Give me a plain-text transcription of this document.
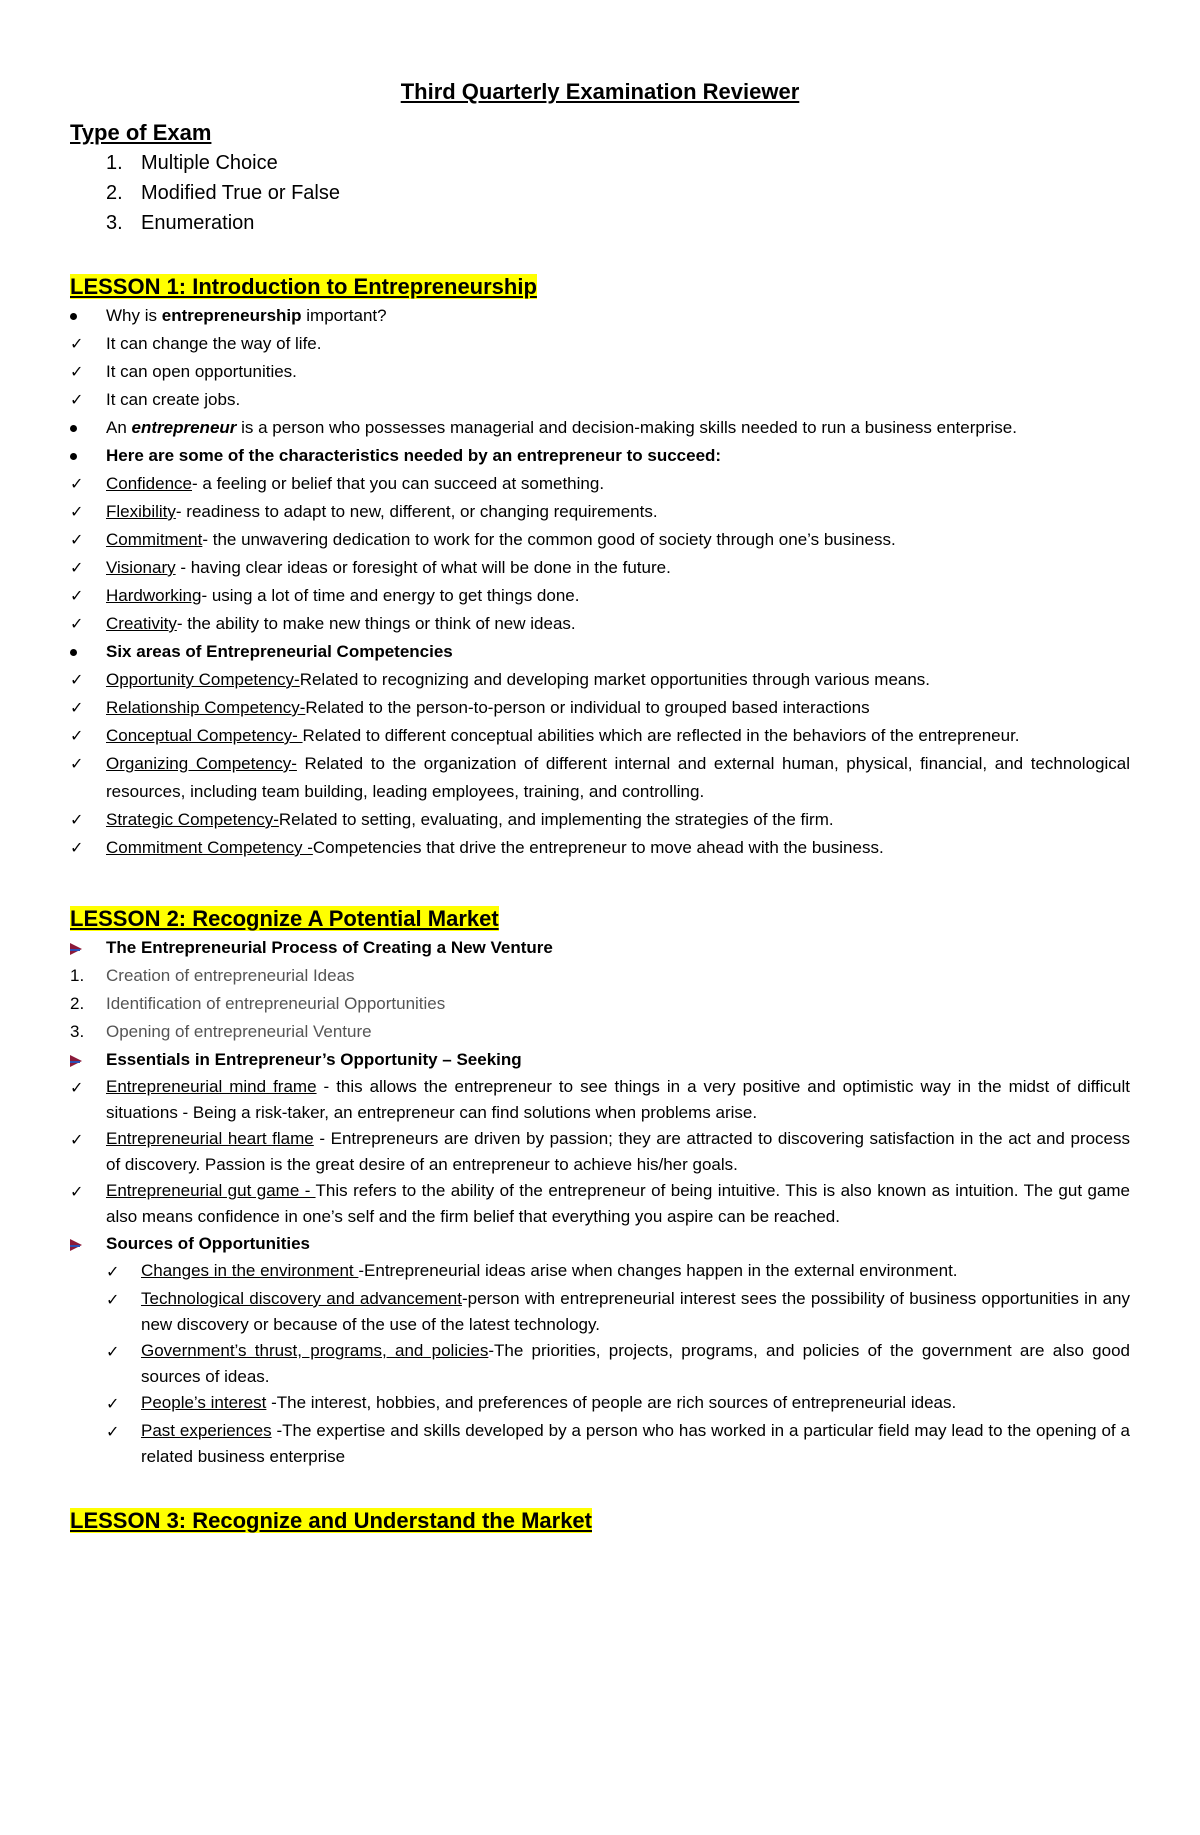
Third Quarterly Examination Reviewer
Type of Exam
1. Multiple Choice
2. Modified True or False
3. Enumeration
LESSON 1: Introduction to Entrepreneurship
Why is entrepreneurship important?
✓	It can change the way of life.
✓	It can open opportunities.
✓	It can create jobs.
An entrepreneur is a person who possesses managerial and decision-making skills needed to run a business enterprise.
Here are some of the characteristics needed by an entrepreneur to succeed:
✓	Confidence- a feeling or belief that you can succeed at something.
✓	Flexibility- readiness to adapt to new, different, or changing requirements.
✓	Commitment- the unwavering dedication to work for the common good of society through one’s business.
✓	Visionary - having clear ideas or foresight of what will be done in the future.
✓	Hardworking- using a lot of time and energy to get things done.
✓	Creativity- the ability to make new things or think of new ideas.
Six areas of Entrepreneurial Competencies
✓	Opportunity Competency-Related to recognizing and developing market opportunities through various means.
✓	Relationship Competency-Related to the person-to-person or individual to grouped based interactions
✓	Conceptual Competency- Related to different conceptual abilities which are reflected in the behaviors of the entrepreneur.
✓	Organizing Competency- Related to the organization of different internal and external human, physical, financial, and technological resources, including team building, leading employees, training, and controlling.
✓	Strategic Competency-Related to setting, evaluating, and implementing the strategies of the firm.
✓	Commitment Competency -Competencies that drive the entrepreneur to move ahead with the business.
LESSON 2: Recognize A Potential Market
The Entrepreneurial Process of Creating a New Venture
1.	Creation of entrepreneurial Ideas
2.	Identification of entrepreneurial Opportunities
3.	Opening of entrepreneurial Venture
Essentials in Entrepreneur’s Opportunity – Seeking
✓	Entrepreneurial mind frame - this allows the entrepreneur to see things in a very positive and optimistic way in the midst of difficult situations - Being a risk-taker, an entrepreneur can find solutions when problems arise.
✓	Entrepreneurial heart flame - Entrepreneurs are driven by passion; they are attracted to discovering satisfaction in the act and process of discovery. Passion is the great desire of an entrepreneur to achieve his/her goals.
✓	Entrepreneurial gut game - This refers to the ability of the entrepreneur of being intuitive. This is also known as intuition. The gut game also means confidence in one’s self and the firm belief that everything you aspire can be reached.
Sources of Opportunities
✓	Changes in the environment -Entrepreneurial ideas arise when changes happen in the external environment.
✓	Technological discovery and advancement-person with entrepreneurial interest sees the possibility of business opportunities in any new discovery or because of the use of the latest technology.
✓	Government’s thrust, programs, and policies-The priorities, projects, programs, and policies of the government are also good sources of ideas.
✓	People’s interest -The interest, hobbies, and preferences of people are rich sources of entrepreneurial ideas.
✓	Past experiences -The expertise and skills developed by a person who has worked in a particular field may lead to the opening of a related business enterprise
LESSON 3: Recognize and Understand the Market
